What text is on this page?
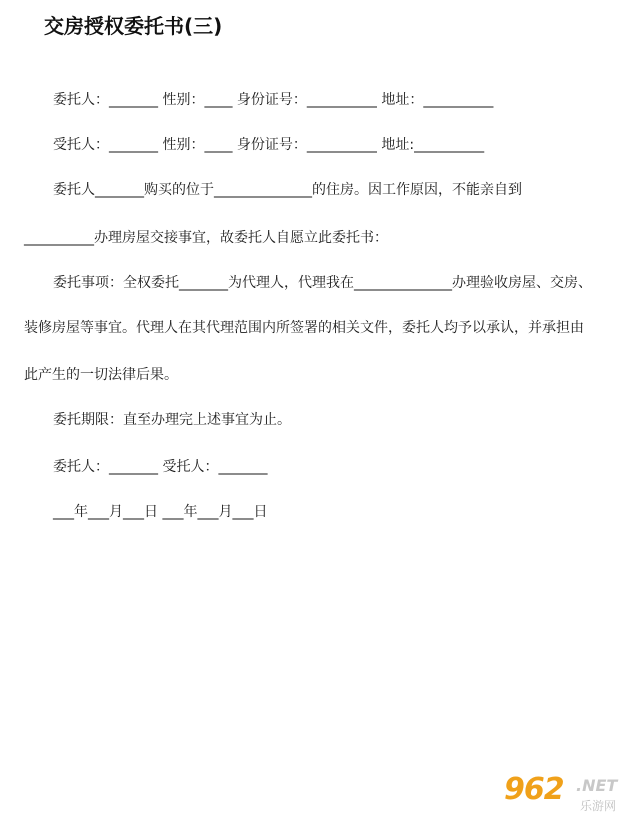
交房授权委托书(三)
委托人：_______ 性别：____ 身份证号：__________ 地址：__________
受托人：_______ 性别：____ 身份证号：__________ 地址:__________
委托人_______购买的位于______________的住房。因工作原因，不能亲自到
__________办理房屋交接事宜，故委托人自愿立此委托书：
委托事项：全权委托_______为代理人，代理我在______________办理验收房屋、交房、
装修房屋等事宜。代理人在其代理范围内所签署的相关文件，委托人均予以承认，并承担由
此产生的一切法律后果。
委托期限：直至办理完上述事宜为止。
委托人：_______ 受托人：_______
___年___月___日 ___年___月___日
962 .NET
乐游网
